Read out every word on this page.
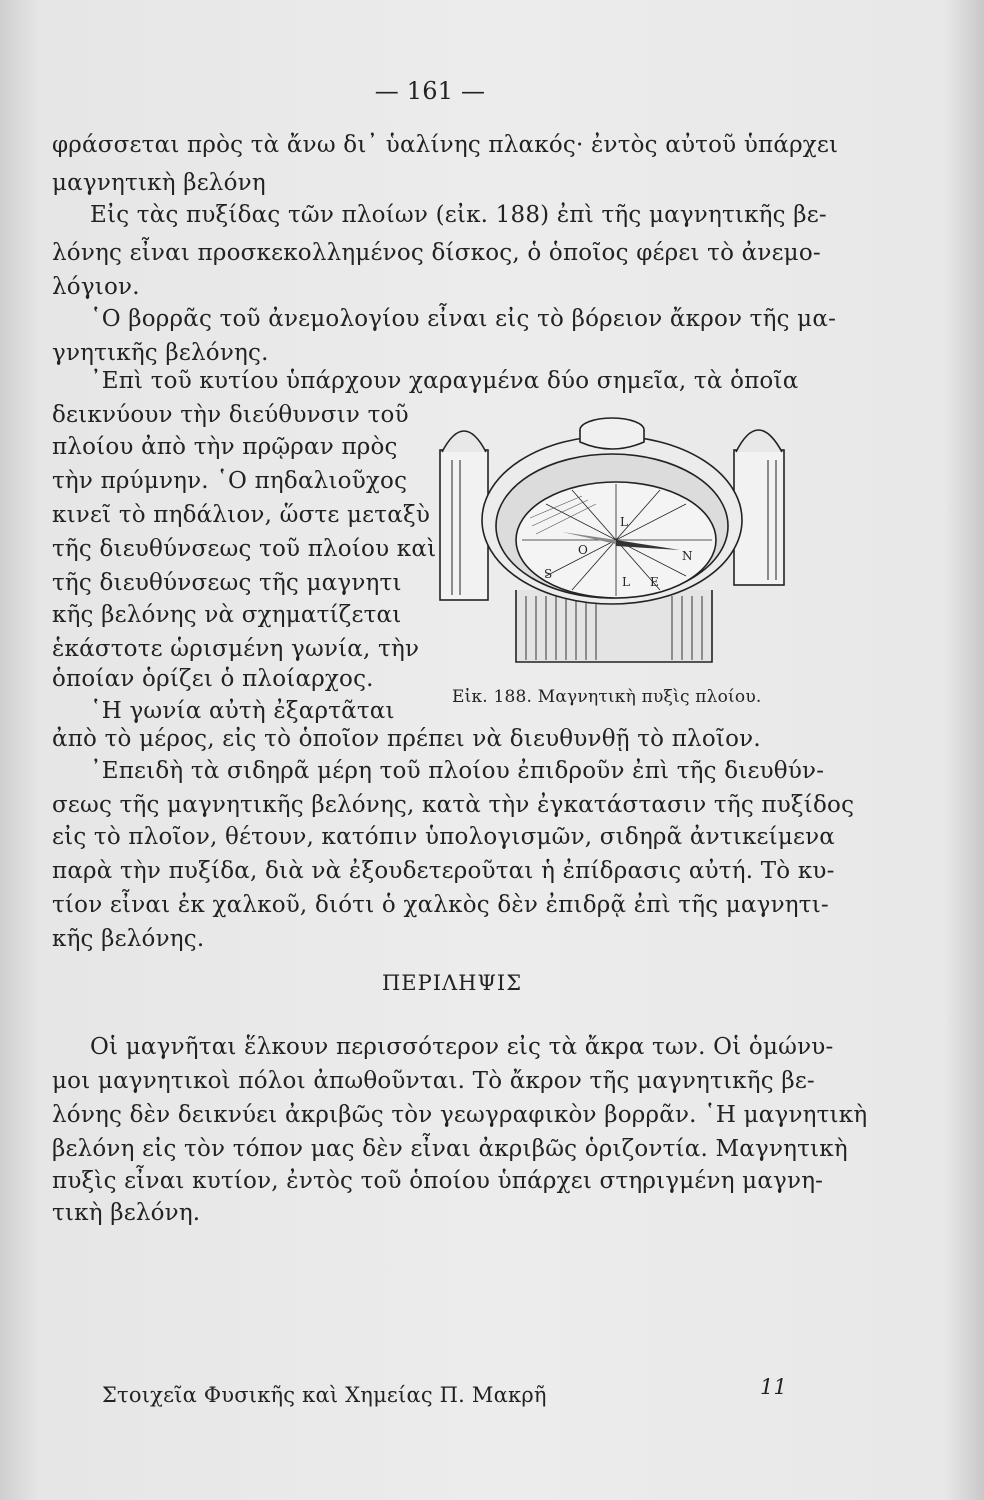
— 161 —
φράσσεται πρὸς τὰ ἄνω δι᾽ ὑαλίνης πλακός· ἐντὸς αὐτοῦ ὑπάρχει
μαγνητικὴ βελόνη
Εἰς τὰς πυξίδας τῶν πλοίων (εἰκ. 188) ἐπὶ τῆς μαγνητικῆς βε-
λόνης εἶναι προσκεκολλημένος δίσκος, ὁ ὁποῖος φέρει τὸ ἀνεμο-
λόγιον.
῾Ο βορρᾶς τοῦ ἀνεμολογίου εἶναι εἰς τὸ βόρειον ἄκρον τῆς μα-
γνητικῆς βελόνης.
᾽Επὶ τοῦ κυτίου ὑπάρχουν χαραγμένα δύο σημεῖα, τὰ ὁποῖα
δεικνύουν τὴν διεύθυνσιν τοῦ
πλοίου ἀπὸ τὴν πρῷραν πρὸς
τὴν πρύμνην. ῾Ο πηδαλιοῦχος
κινεῖ τὸ πηδάλιον, ὥστε μεταξὺ
τῆς διευθύνσεως τοῦ πλοίου καὶ
τῆς διευθύνσεως τῆς μαγνητι
κῆς βελόνης νὰ σχηματίζεται
ἑκάστοτε ὡρισμένη γωνία, τὴν
ὁποίαν ὁρίζει ὁ πλοίαρχος.
῾Η γωνία αὐτὴ ἐξαρτᾶται
L
O	N
S
L E
Εἰκ. 188. Μαγνητικὴ πυξὶς πλοίου.
ἀπὸ τὸ μέρος, εἰς τὸ ὁποῖον πρέπει νὰ διευθυνθῇ τὸ πλοῖον.
᾽Επειδὴ τὰ σιδηρᾶ μέρη τοῦ πλοίου ἐπιδροῦν ἐπὶ τῆς διευθύν-
σεως τῆς μαγνητικῆς βελόνης, κατὰ τὴν ἐγκατάστασιν τῆς πυξίδος
εἰς τὸ πλοῖον, θέτουν, κατόπιν ὑπολογισμῶν, σιδηρᾶ ἀντικείμενα
παρὰ τὴν πυξίδα, διὰ νὰ ἐξουδετεροῦται ἡ ἐπίδρασις αὐτή. Τὸ κυ-
τίον εἶναι ἐκ χαλκοῦ, διότι ὁ χαλκὸς δὲν ἐπιδρᾷ ἐπὶ τῆς μαγνητι-
κῆς βελόνης.
ΠΕΡΙΛΗΨΙΣ
Οἱ μαγνῆται ἕλκουν περισσότερον εἰς τὰ ἄκρα των. Οἱ ὁμώνυ-
μοι μαγνητικοὶ πόλοι ἀπωθοῦνται. Τὸ ἄκρον τῆς μαγνητικῆς βε-
λόνης δὲν δεικνύει ἀκριβῶς τὸν γεωγραφικὸν βορρᾶν. ῾Η μαγνητικὴ
βελόνη εἰς τὸν τόπον μας δὲν εἶναι ἀκριβῶς ὁριζοντία. Μαγνητικὴ
πυξὶς εἶναι κυτίον, ἐντὸς τοῦ ὁποίου ὑπάρχει στηριγμένη μαγνη-
τικὴ βελόνη.
Στοιχεῖα Φυσικῆς καὶ Χημείας Π. Μακρῆ	11
